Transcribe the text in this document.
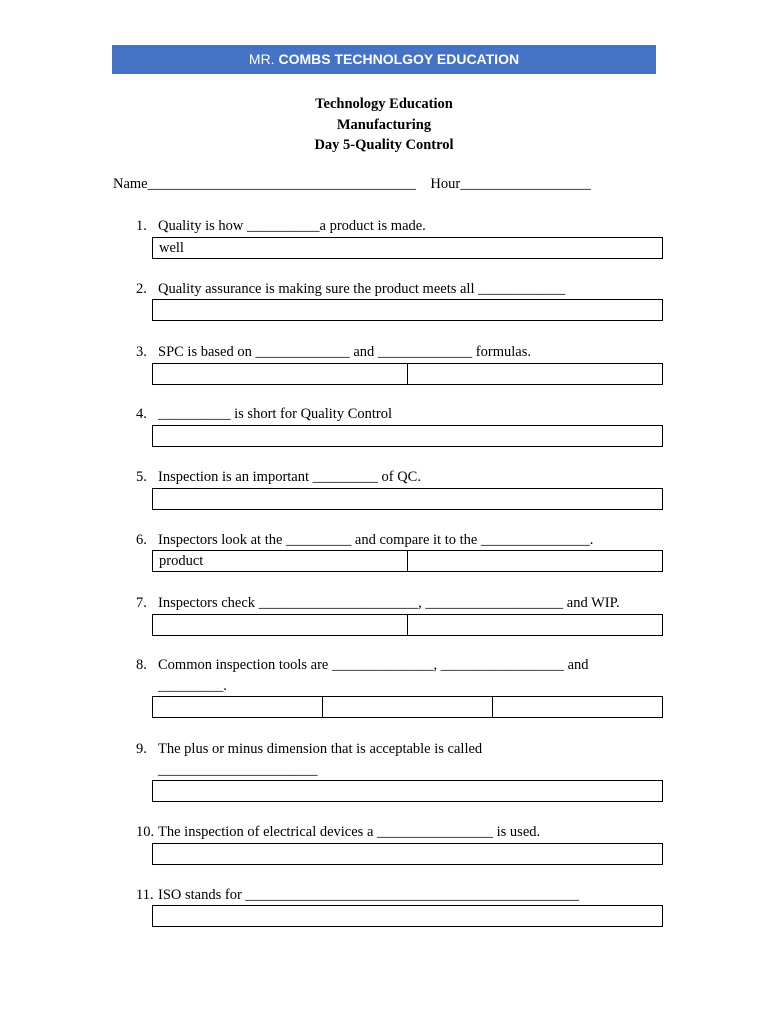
MR. COMBS TECHNOLGOY EDUCATION
Technology Education
Manufacturing
Day 5-Quality Control
Name_____________________________________ Hour__________________
1. Quality is how __________a product is made.
well
2. Quality assurance is making sure the product meets all ____________
3. SPC is based on _____________ and _____________ formulas.
4. __________ is short for Quality Control
5. Inspection is an important _________ of QC.
6. Inspectors look at the _________ and compare it to the _______________.
product
7. Inspectors check ______________________, ___________________ and WIP.
8. Common inspection tools are ______________, _________________ and
_________.
9. The plus or minus dimension that is acceptable is called
______________________
10. The inspection of electrical devices a ________________ is used.
11. ISO stands for ______________________________________________
